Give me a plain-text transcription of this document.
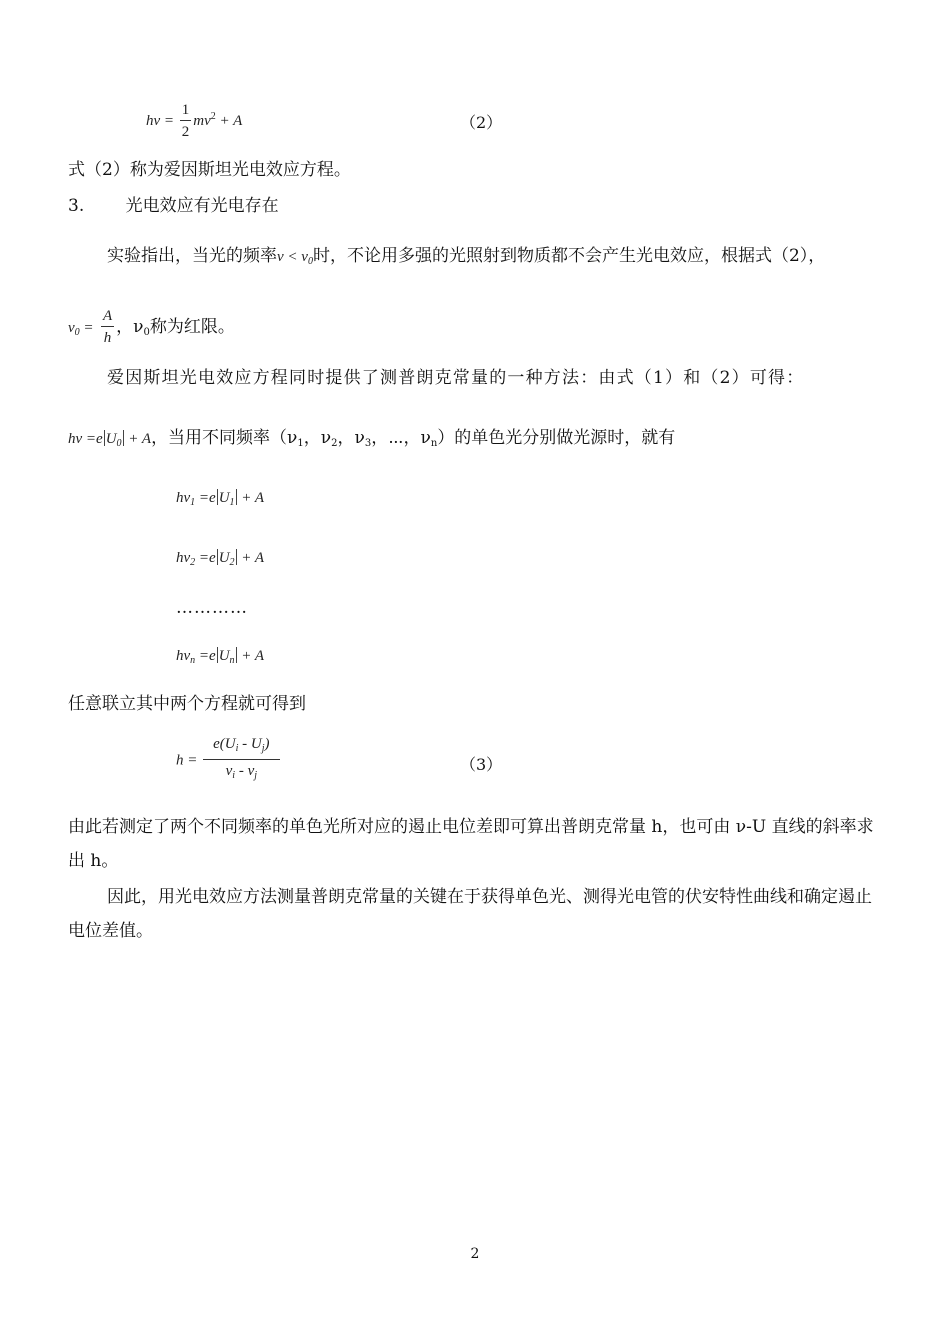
$h\nu = \frac{1}{2} mv^2 + A$	（2）
式（2）称为爱因斯坦光电效应方程。
3. 光电效应有光电存在
实验指出，当光的频率$\nu < \nu_0$时，不论用多强的光照射到物质都不会产生光电效应，根据式（2），
$\nu_0 = \frac{A}{h}$ ，$\nu_0$称为红限。
爱因斯坦光电效应方程同时提供了测普朗克常量的一种方法：由式（1）和（2）可得：
hν =e $U_0 + A$，当用不同频率（$\nu_1$，$\nu_2$，$\nu_3$，⋯，$\nu_n$）的单色光分别做光源时，就有
$h\nu_1 =e$ $U_1 + A$
$h\nu_2 =e$ $U_2 + A$
…………
$h\nu_n =e$ $U_n + A$
任意联立其中两个方程就可得到
$h = \frac{e(U_i - U_j)}{\nu_i - \nu_j}$	（3）
由此若测定了两个不同频率的单色光所对应的遏止电位差即可算出普朗克常量 h，也可由 ν-U 直线的斜率求出 h。
因此，用光电效应方法测量普朗克常量的关键在于获得单色光、测得光电管的伏安特性曲线和确定遏止电位差值。
2
